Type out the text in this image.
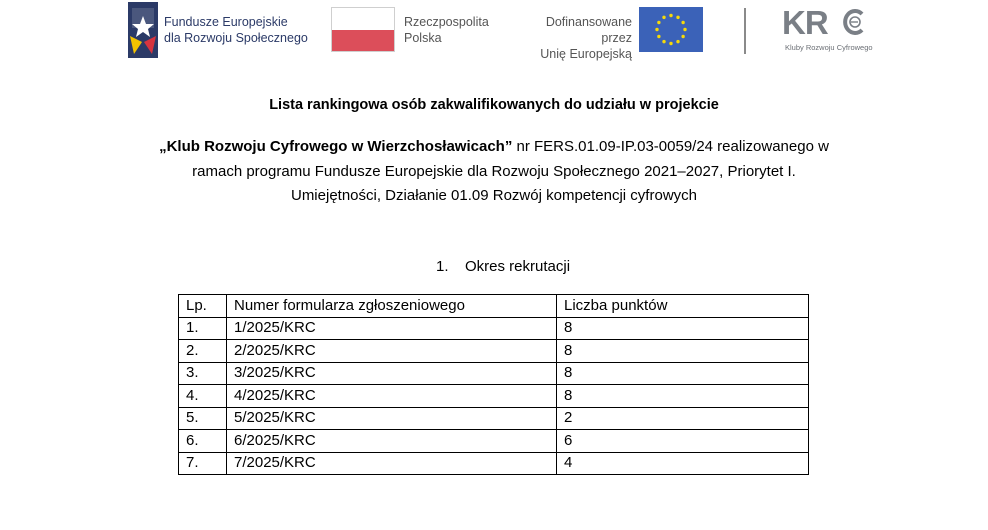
Fundusze Europejskie
dla Rozwoju Społecznego
Rzeczpospolita
Polska
Dofinansowane przez
Unię Europejską
KR
Kluby Rozwoju Cyfrowego
Lista rankingowa osób zakwalifikowanych do udziału w projekcie
„Klub Rozwoju Cyfrowego w Wierzchosławicach” nr FERS.01.09-IP.03-0059/24 realizowanego w
ramach programu Fundusze Europejskie dla Rozwoju Społecznego 2021–2027, Priorytet I.
Umiejętności, Działanie 01.09 Rozwój kompetencji cyfrowych
1. Okres rekrutacji
Lp.	Numer formularza zgłoszeniowego	Liczba punktów
1.	1/2025/KRC	8
2.	2/2025/KRC	8
3.	3/2025/KRC	8
4.	4/2025/KRC	8
5.	5/2025/KRC	2
6.	6/2025/KRC	6
7.	7/2025/KRC	4
